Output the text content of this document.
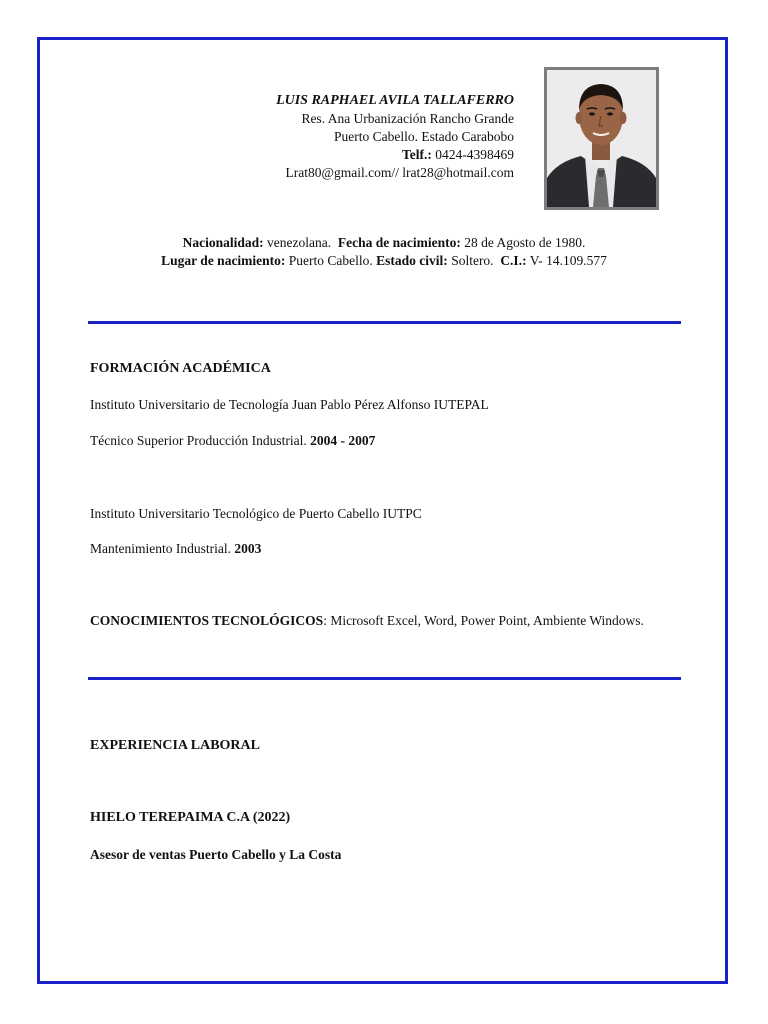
LUIS RAPHAEL AVILA TALLAFERRO
Res. Ana Urbanización Rancho Grande
Puerto Cabello. Estado Carabobo
Telf.: 0424-4398469
Lrat80@gmail.com// lrat28@hotmail.com
Nacionalidad: venezolana.  Fecha de nacimiento: 28 de Agosto de 1980.
Lugar de nacimiento: Puerto Cabello. Estado civil: Soltero. C.I.: V- 14.109.577
FORMACIÓN ACADÉMICA
Instituto Universitario de Tecnología Juan Pablo Pérez Alfonso IUTEPAL
Técnico Superior Producción Industrial. 2004 - 2007
Instituto Universitario Tecnológico de Puerto Cabello IUTPC
Mantenimiento Industrial. 2003
CONOCIMIENTOS TECNOLÓGICOS: Microsoft Excel, Word, Power Point, Ambiente Windows.
EXPERIENCIA LABORAL
HIELO TEREPAIMA C.A (2022)
Asesor de ventas Puerto Cabello y La Costa
